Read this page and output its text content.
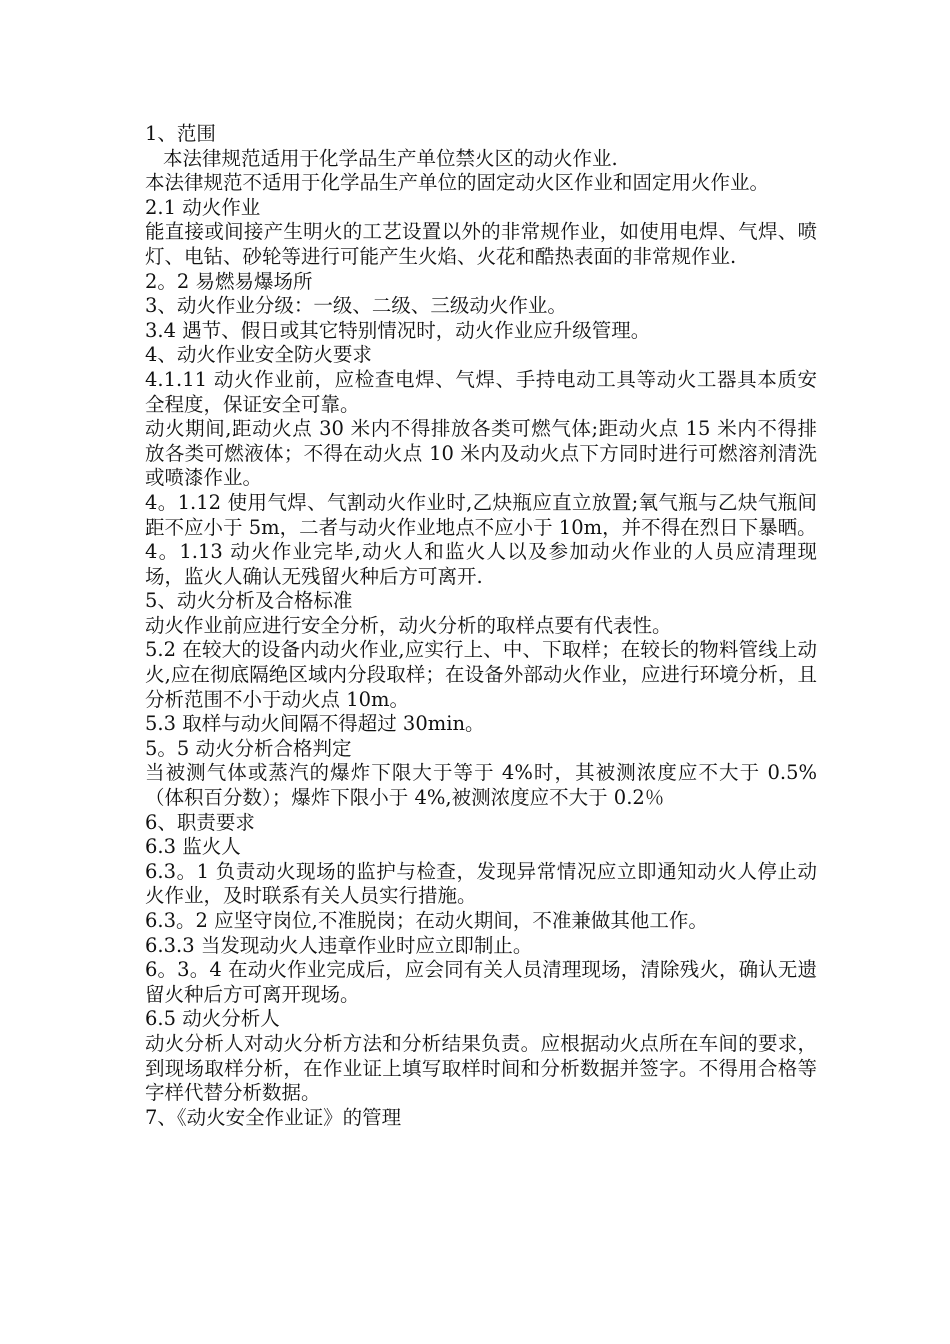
1、范围

本法律规范适用于化学品生产单位禁火区的动火作业.

本法律规范不适用于化学品生产单位的固定动火区作业和固定用火作业。

2.1 动火作业

能直接或间接产生明火的工艺设置以外的非常规作业，如使用电焊、气焊、喷灯、电钻、砂轮等进行可能产生火焰、火花和酷热表面的非常规作业.

2。2 易燃易爆场所

3、动火作业分级：一级、二级、三级动火作业。

3.4 遇节、假日或其它特别情况时，动火作业应升级管理。

4、动火作业安全防火要求

4.1.11 动火作业前，应检查电焊、气焊、手持电动工具等动火工器具本质安全程度，保证安全可靠。

动火期间,距动火点 30 米内不得排放各类可燃气体;距动火点 15 米内不得排放各类可燃液体；不得在动火点 10 米内及动火点下方同时进行可燃溶剂清洗或喷漆作业。

4。1.12 使用气焊、气割动火作业时,乙炔瓶应直立放置;氧气瓶与乙炔气瓶间距不应小于 5m，二者与动火作业地点不应小于 10m，并不得在烈日下暴晒。

4。1.13 动火作业完毕,动火人和监火人以及参加动火作业的人员应清理现场，监火人确认无残留火种后方可离开.

5、动火分析及合格标准

动火作业前应进行安全分析，动火分析的取样点要有代表性。

5.2 在较大的设备内动火作业,应实行上、中、下取样；在较长的物料管线上动火,应在彻底隔绝区域内分段取样；在设备外部动火作业，应进行环境分析，且分析范围不小于动火点 10m。

5.3 取样与动火间隔不得超过 30min。

5。5 动火分析合格判定

当被测气体或蒸汽的爆炸下限大于等于 4%时，其被测浓度应不大于 0.5%（体积百分数）；爆炸下限小于 4%,被测浓度应不大于 0.2％

6、职责要求

6.3 监火人

6.3。1 负责动火现场的监护与检查，发现异常情况应立即通知动火人停止动火作业，及时联系有关人员实行措施。

6.3。2 应坚守岗位,不准脱岗；在动火期间，不准兼做其他工作。

6.3.3 当发现动火人违章作业时应立即制止。

6。3。4 在动火作业完成后，应会同有关人员清理现场，清除残火，确认无遗留火种后方可离开现场。

6.5 动火分析人

动火分析人对动火分析方法和分析结果负责。应根据动火点所在车间的要求，到现场取样分析，在作业证上填写取样时间和分析数据并签字。不得用合格等字样代替分析数据。

7、《动火安全作业证》的管理
